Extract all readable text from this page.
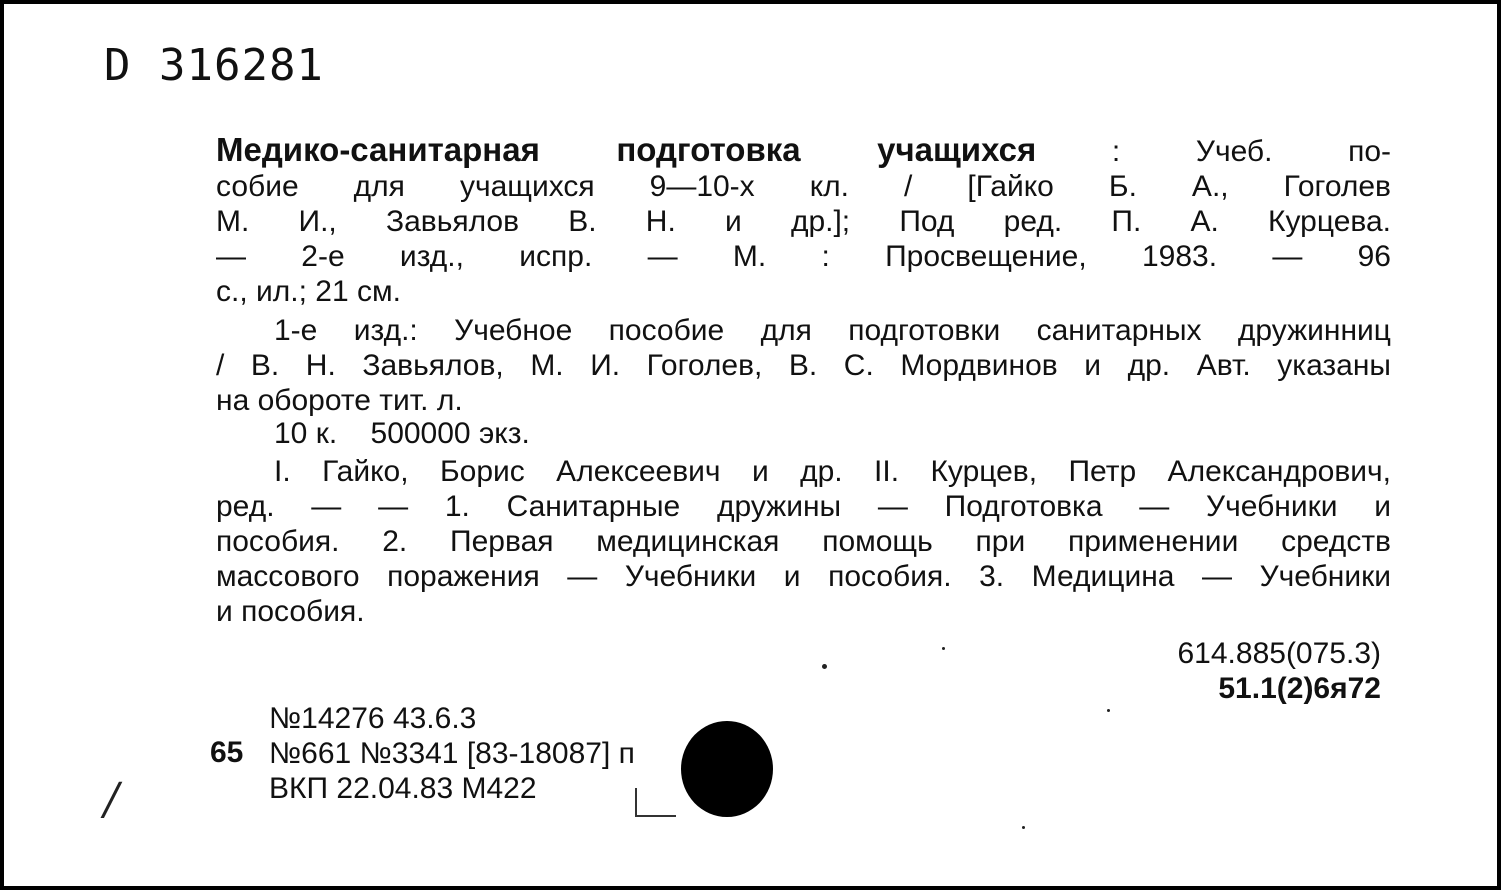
D 316281
Медико-санитарная подготовка учащихся : Учеб. по-
собие для учащихся 9—10-х кл. / [Гайко Б. А., Гоголев
М. И., Завьялов В. Н. и др.]; Под ред. П. А. Курцева.
— 2-е изд., испр. — М. : Просвещение, 1983. — 96
с., ил.; 21 см.
1-е изд.: Учебное пособие для подготовки санитарных дружинниц
/ В. Н. Завьялов, М. И. Гоголев, В. С. Мордвинов и др. Авт. указаны
на обороте тит. л.
10 к.    500000 экз.
I. Гайко, Борис Алексеевич и др. II. Курцев, Петр Александрович,
ред. — — 1. Санитарные дружины — Подготовка — Учебники и
пособия. 2. Первая медицинская помощь при применении средств
массового поражения — Учебники и пособия. 3. Медицина — Учебники
и пособия.
614.885(075.3)
51.1(2)6я72
№14276 43.6.3
65 №661 №3341 [83-18087] п
ВКП 22.04.83 М422
/
